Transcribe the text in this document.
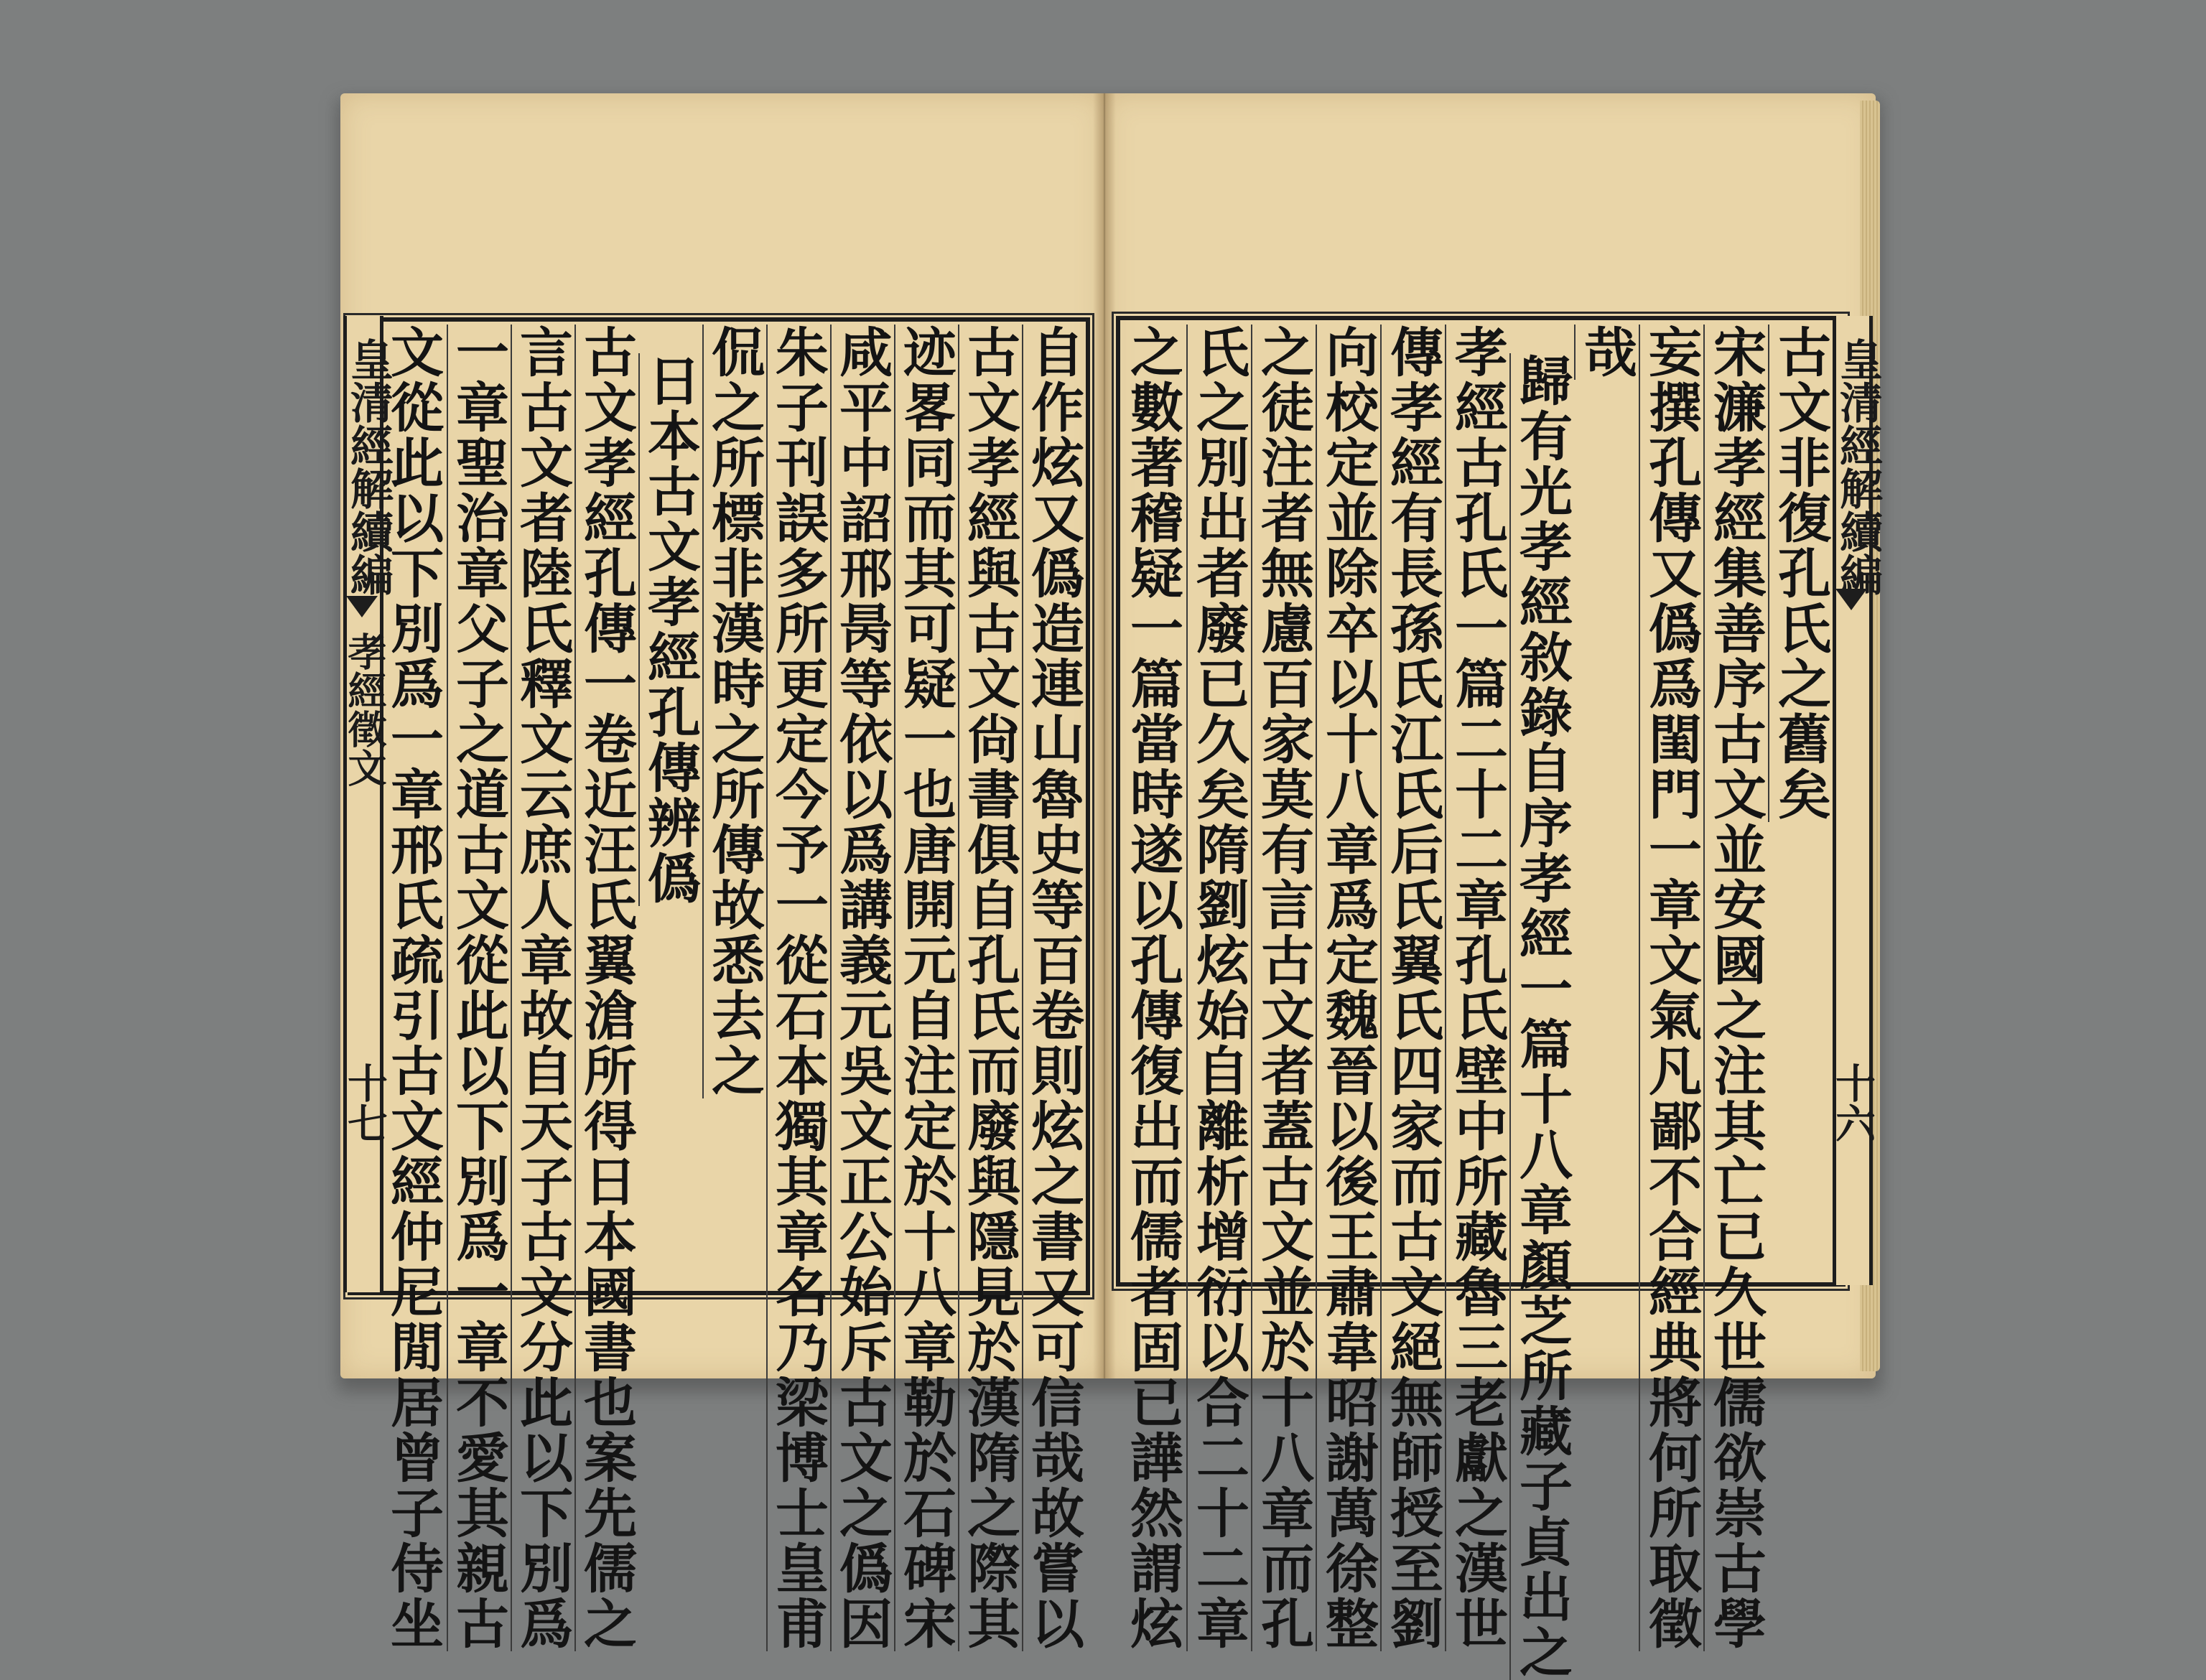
皇清經解續編
孝經徵文
十七	自作炫又僞造連山魯史等百卷則炫之書又可信哉故嘗以
古文孝經與古文尙書俱自孔氏而廢與隱見於漢隋之際其
迹畧同而其可疑一也唐開元自注定於十八章勒於石碑宋
咸平中詔邢昺等依以爲講義元吳文正公始斥古文之僞因
朱子刊誤多所更定今予一從石本獨其章名乃梁博士皇甫
侃之所標非漢時之所傳故悉去之
日本古文孝經孔傳辨僞
古文孝經孔傳一卷近汪氏翼滄所得日本國書也案先儒之
言古文者陸氏釋文云庶人章故自天子古文分此以下別爲
一章聖治章父子之道古文從此以下別爲一章不愛其親古
文從此以下別爲一章邢氏疏引古文經仲尼閒居曾子侍坐	皇清經解續編
十六
古文非復孔氏之舊矣
宋濂孝經集善序古文並安國之注其亡已久世儒欲崇古學
妄撰孔傳又僞爲閨門一章文氣凡鄙不合經典將何所取徵
哉
歸有光孝經敘錄自序孝經一篇十八章顏芝所藏子貞出之
孝經古孔氏一篇二十二章孔氏壁中所藏魯三老獻之漢世
傳孝經有長孫氏江氏后氏翼氏四家而古文絕無師授至劉
向校定並除卒以十八章爲定魏晉以後王肅韋昭謝萬徐整
之徒注者無慮百家莫有言古文者蓋古文並於十八章而孔
氏之別出者廢已久矣隋劉炫始自離析增衍以合二十二章
之數著稽疑一篇當時遂以孔傳復出而儒者固已譁然謂炫
